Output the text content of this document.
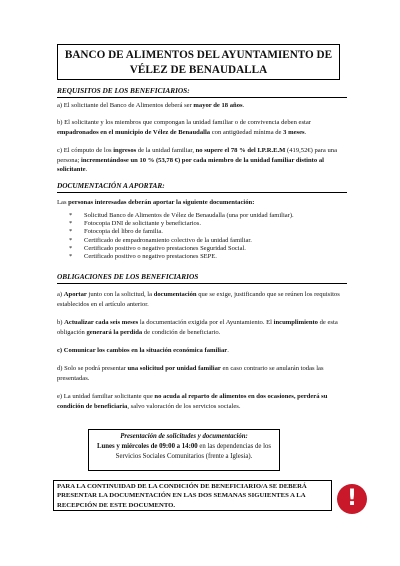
BANCO DE ALIMENTOS DEL AYUNTAMIENTO DE
VÉLEZ DE BENAUDALLA
REQUISITOS DE LOS BENEFICIARIOS:
a) El solicitante del Banco de Alimentos deberá ser mayor de 18 años.
b) El solicitante y los miembros que compongan la unidad familiar o de convivencia deben estar empadronados en el municipio de Vélez de Benaudalla con antigüedad mínima de 3 meses.
c) El cómputo de los ingresos de la unidad familiar, no supere el 78 % del I.P.R.E.M (419,52€) para una persona; incrementándose un 10 % (53,78 €) por cada miembro de la unidad familiar distinto al solicitante.
DOCUMENTACIÓN A APORTAR:
Las personas interesadas deberán aportar la siguiente documentación:
* Solicitud Banco de Alimentos de Vélez de Benaudalla (una por unidad familiar).
* Fotocopia DNI de solicitante y beneficiarios.
* Fotocopia del libro de familia.
* Certificado de empadronamiento colectivo de la unidad familiar.
* Certificado positivo o negativo prestaciones Seguridad Social.
* Certificado positivo o negativo prestaciones SEPE.
OBLIGACIONES DE LOS BENEFICIARIOS
a) Aportar junto con la solicitud, la documentación que se exige, justificando que se reúnen los requisitos establecidos en el artículo anterior.
b) Actualizar cada seis meses la documentación exigida por el Ayuntamiento. El incumplimiento de esta obligación generará la perdida de condición de beneficiario.
c) Comunicar los cambios en la situación económica familiar.
d) Solo se podrá presentar una solicitud por unidad familiar en caso contrario se anularán todas las presentadas.
e) La unidad familiar solicitante que no acuda al reparto de alimentos en dos ocasiones, perderá su condición de beneficiaria, salvo valoración de los servicios sociales.
Presentación de solicitudes y documentación:
Lunes y miércoles de 09:00 a 14:00 en las dependencias de los Servicios Sociales Comunitarios (frente a Iglesia).
PARA LA CONTINUIDAD DE LA CONDICIÓN DE BENEFICIARIO/A SE DEBERÁ PRESENTAR LA DOCUMENTACIÓN EN LAS DOS SEMANAS SIGUIENTES A LA RECEPCIÓN DE ESTE DOCUMENTO.	!
